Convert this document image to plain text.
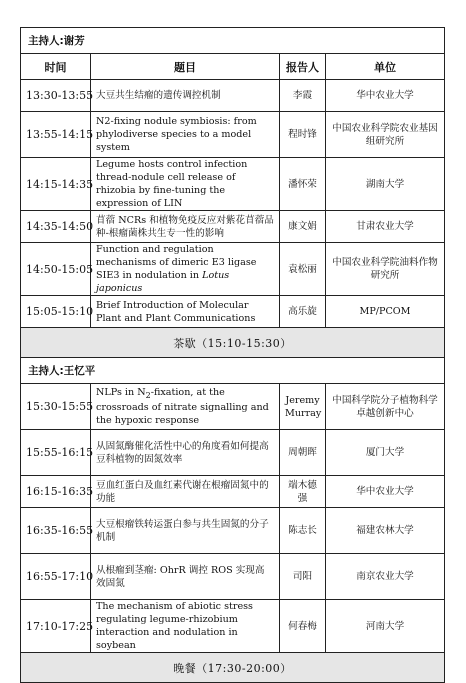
主持人:谢芳			
时间	题目	报告人	单位
13:30-13:55	大豆共生结瘤的遗传调控机制	李霞	华中农业大学
13:55-14:15	N2-fixing nodule symbiosis: from phylodiverse species to a model system	程时锋	中国农业科学院农业基因组研究所
14:15-14:35	Legume hosts control infection thread-nodule cell release of rhizobia by fine-tuning the expression of LIN	潘怀荣	湖南大学
14:35-14:50	苜蓿 NCRs 和植物免疫反应对紫花苜蓿品种-根瘤菌株共生专一性的影响	康文娟	甘肃农业大学
14:50-15:05	Function and regulation mechanisms of dimeric E3 ligase SIE3 in nodulation in Lotus japonicus	袁松丽	中国农业科学院油料作物研究所
15:05-15:10	Brief Introduction of Molecular Plant and Plant Communications	高乐旋	MP/PCOM
茶歇（15:10-15:30）			
主持人:王忆平			
15:30-15:55	NLPs in $N_2$-fixation, at the crossroads of nitrate signalling and the hypoxic response	Jeremy Murray	中国科学院分子植物科学卓越创新中心
15:55-16:15	从固氮酶催化活性中心的角度看如何提高豆科植物的固氮效率	周朝晖	厦门大学
16:15-16:35	豆血红蛋白及血红素代谢在根瘤固氮中的功能	端木德强	华中农业大学
16:35-16:55	大豆根瘤铁转运蛋白参与共生固氮的分子机制	陈志长	福建农林大学
16:55-17:10	从根瘤到茎瘤: OhrR 调控 ROS 实现高效固氮	司阳	南京农业大学
17:10-17:25	The mechanism of abiotic stress regulating legume-rhizobium interaction and nodulation in soybean	何春梅	河南大学
晚餐（17:30-20:00）			
